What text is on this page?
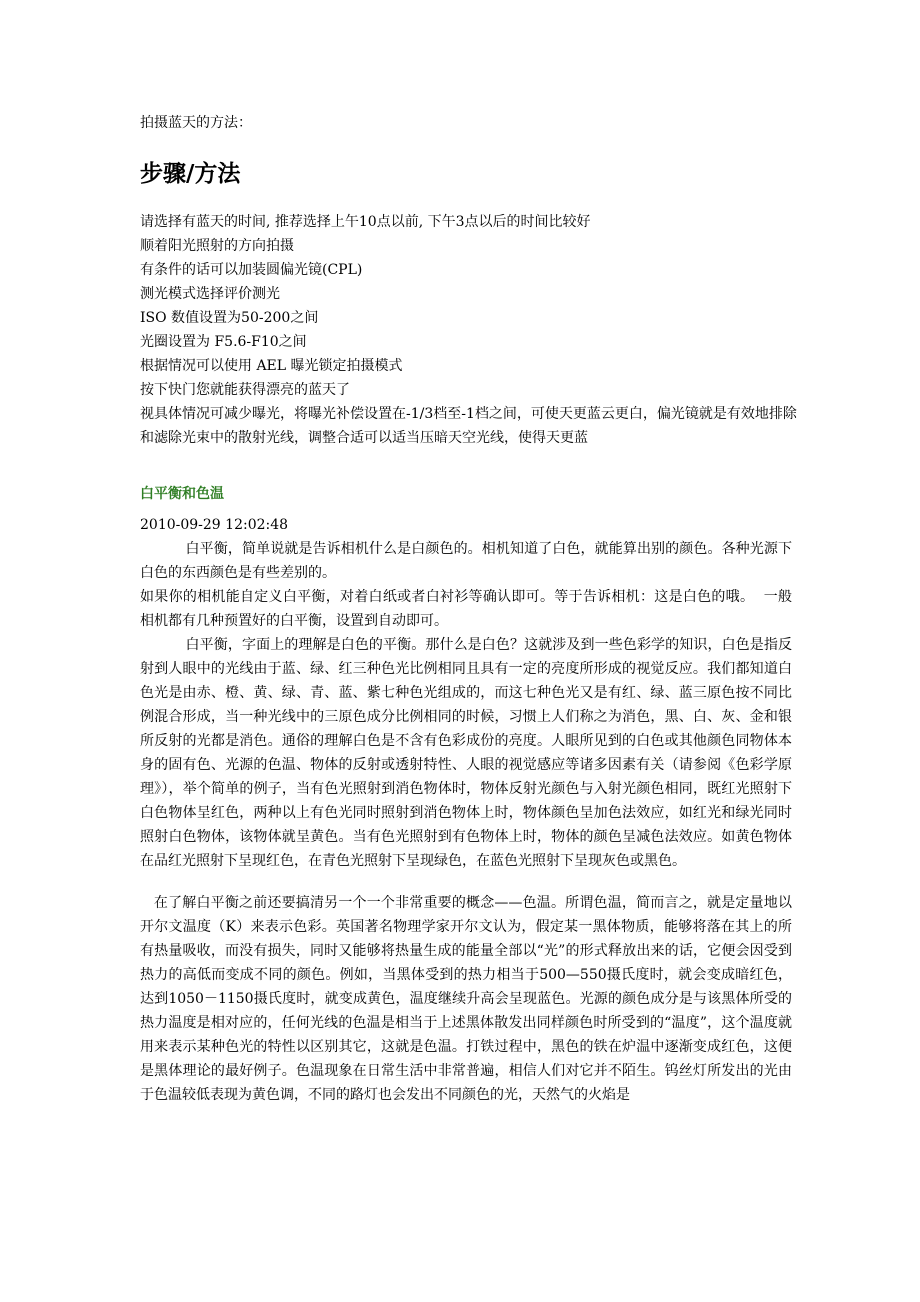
拍摄蓝天的方法：
步骤/方法
请选择有蓝天的时间, 推荐选择上午10点以前, 下午3点以后的时间比较好
顺着阳光照射的方向拍摄
有条件的话可以加装圆偏光镜(CPL)
测光模式选择评价测光
ISO 数值设置为50-200之间
光圈设置为 F5.6-F10之间
根据情况可以使用 AEL 曝光锁定拍摄模式
按下快门您就能获得漂亮的蓝天了
视具体情况可减少曝光，将曝光补偿设置在-1/3档至-1档之间，可使天更蓝云更白，偏光镜就是有效地排除和滤除光束中的散射光线，调整合适可以适当压暗天空光线，使得天更蓝
白平衡和色温

2010-09-29 12:02:48

白平衡，简单说就是告诉相机什么是白颜色的。相机知道了白色，就能算出别的颜色。各种光源下白色的东西颜色是有些差别的。

如果你的相机能自定义白平衡，对着白纸或者白衬衫等确认即可。等于告诉相机：这是白色的哦。  一般相机都有几种预置好的白平衡，设置到自动即可。

白平衡，字面上的理解是白色的平衡。那什么是白色？这就涉及到一些色彩学的知识，白色是指反射到人眼中的光线由于蓝、绿、红三种色光比例相同且具有一定的亮度所形成的视觉反应。我们都知道白色光是由赤、橙、黄、绿、青、蓝、紫七种色光组成的，而这七种色光又是有红、绿、蓝三原色按不同比例混合形成，当一种光线中的三原色成分比例相同的时候，习惯上人们称之为消色，黑、白、灰、金和银所反射的光都是消色。通俗的理解白色是不含有色彩成份的亮度。人眼所见到的白色或其他颜色同物体本身的固有色、光源的色温、物体的反射或透射特性、人眼的视觉感应等诸多因素有关（请参阅《色彩学原理》），举个简单的例子，当有色光照射到消色物体时，物体反射光颜色与入射光颜色相同，既红光照射下白色物体呈红色，两种以上有色光同时照射到消色物体上时，物体颜色呈加色法效应，如红光和绿光同时照射白色物体，该物体就呈黄色。当有色光照射到有色物体上时，物体的颜色呈减色法效应。如黄色物体在品红光照射下呈现红色，在青色光照射下呈现绿色，在蓝色光照射下呈现灰色或黑色。

在了解白平衡之前还要搞清另一个一个非常重要的概念——色温。所谓色温，简而言之，就是定量地以开尔文温度（K）来表示色彩。英国著名物理学家开尔文认为，假定某一黑体物质，能够将落在其上的所有热量吸收，而没有损失，同时又能够将热量生成的能量全部以“光”的形式释放出来的话，它便会因受到热力的高低而变成不同的颜色。例如，当黑体受到的热力相当于500—550摄氏度时，就会变成暗红色，达到1050－1150摄氏度时，就变成黄色，温度继续升高会呈现蓝色。光源的颜色成分是与该黑体所受的热力温度是相对应的，任何光线的色温是相当于上述黑体散发出同样颜色时所受到的“温度”，这个温度就用来表示某种色光的特性以区别其它，这就是色温。打铁过程中，黑色的铁在炉温中逐渐变成红色，这便是黑体理论的最好例子。色温现象在日常生活中非常普遍，相信人们对它并不陌生。钨丝灯所发出的光由于色温较低表现为黄色调，不同的路灯也会发出不同颜色的光，天然气的火焰是
